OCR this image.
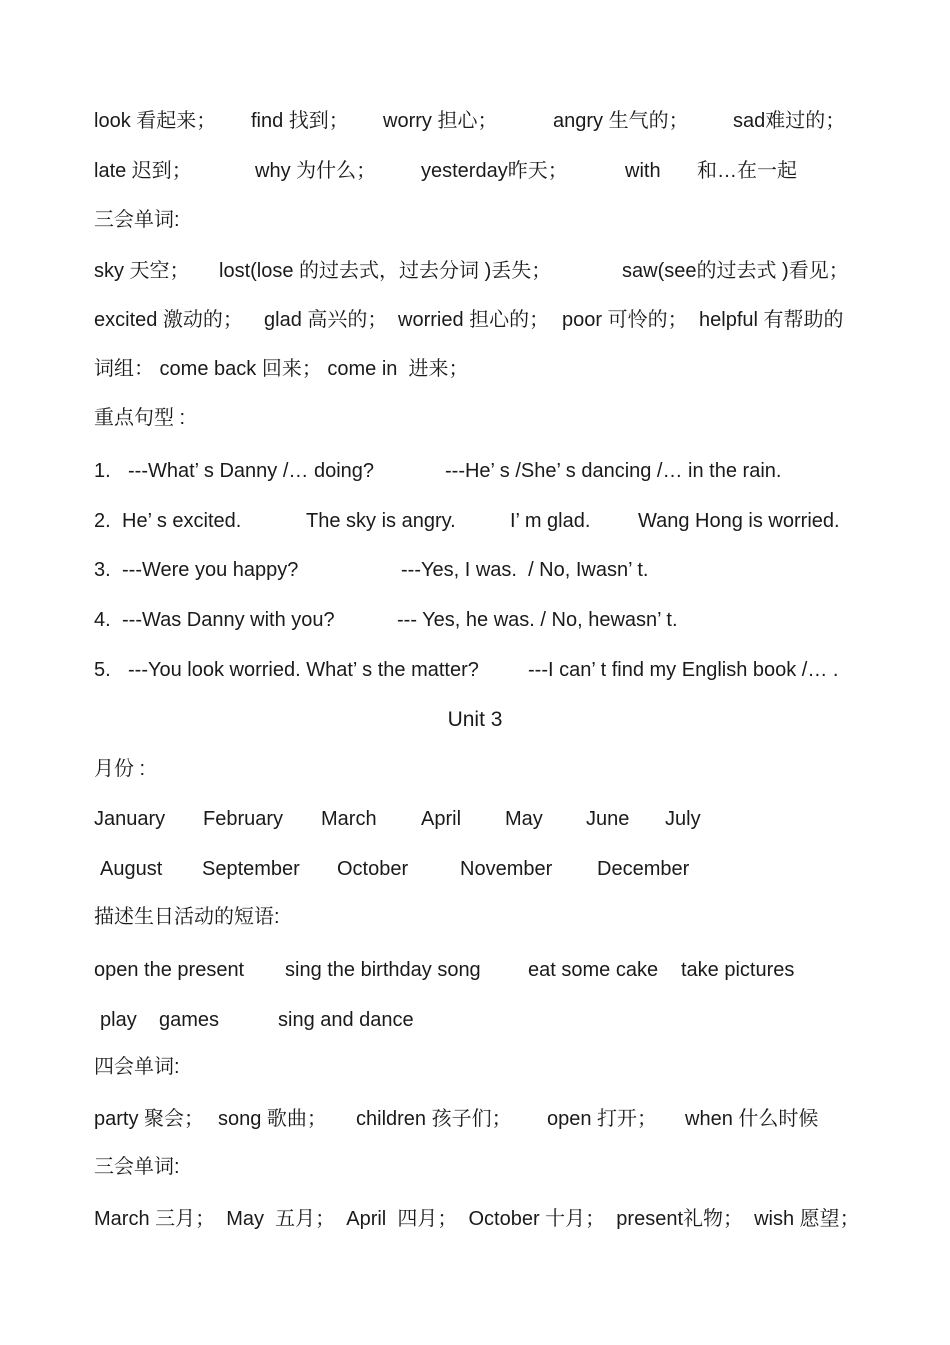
look 看起来； find 找到； worry 担心；	angry 生气的； sad难过的；
late 迟到；	why 为什么； yesterday昨天；	with 和…在一起
三会单词:
sky 天空； lost(lose 的过去式，过去分词 )丢失；	saw(see的过去式 )看见；
excited 激动的； glad 高兴的； worried 担心的； poor 可怜的； helpful 有帮助的
词组： come back 回来； come in  进来；
重点句型 :
1. ---What’ s Danny /… doing?	---He’ s /She’ s dancing /… in the rain.
2. He’ s excited.	The sky is angry.	I’ m glad. Wang Hong is worried.
3. ---Were you happy?	---Yes, I was.  / No, Iwasn’ t.
4. ---Was Danny with you?	--- Yes, he was. / No, hewasn’ t.
5. ---You look worried. What’ s the matter? ---I can’ t find my English book /… .
Unit 3
月份 :
January February March April May June July
August September October	November December
描述生日活动的短语:
open the present sing the birthday song eat some cake take pictures
play games	sing and dance
四会单词:
party 聚会； song 歌曲； children 孩子们； open 打开； when 什么时候
三会单词:
March 三月；  May  五月；  April  四月；  October 十月；  present礼物；  wish 愿望；
